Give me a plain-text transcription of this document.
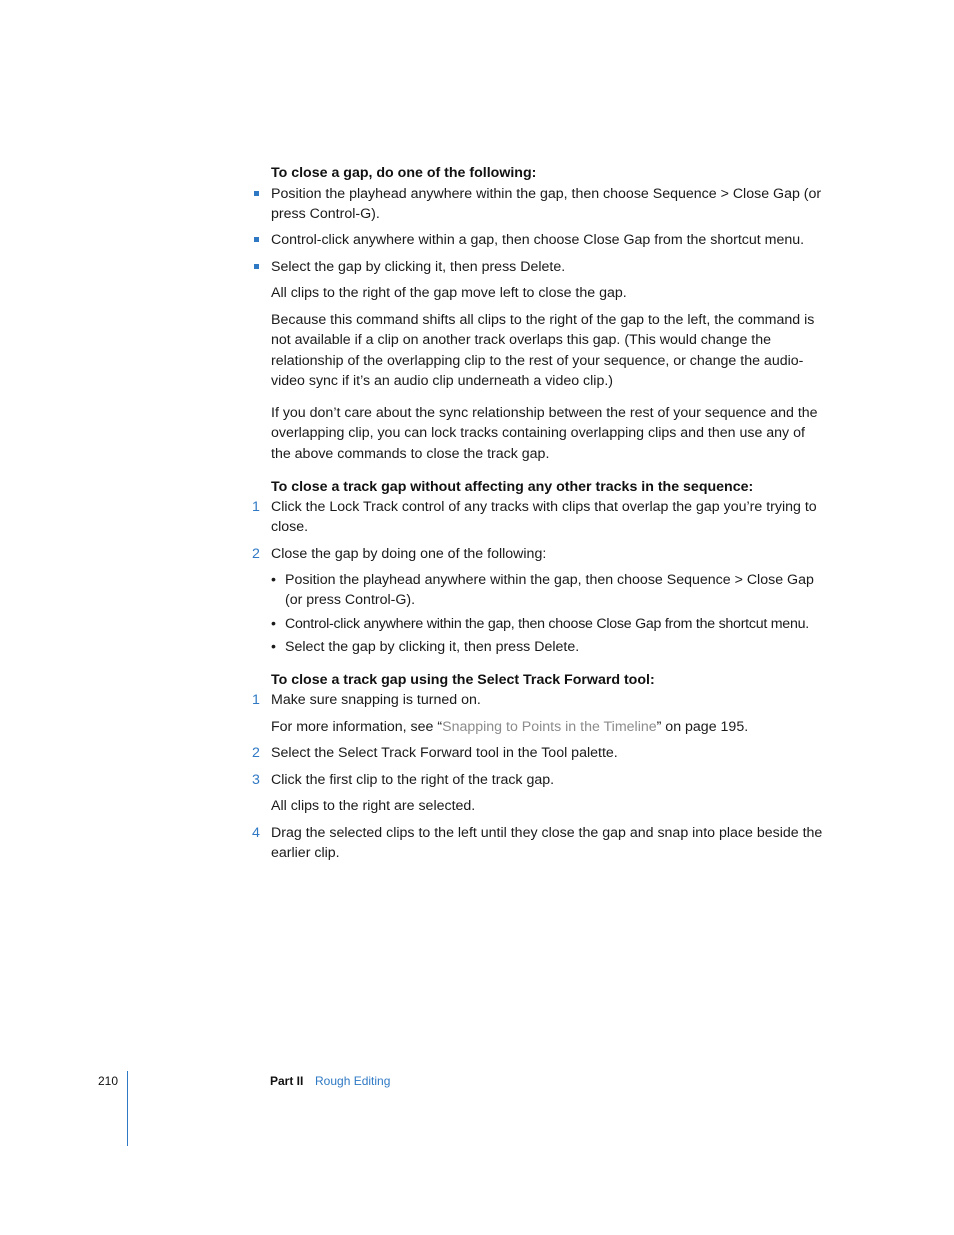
To close a gap, do one of the following:

Position the playhead anywhere within the gap, then choose Sequence > Close Gap (or press Control-G).

Control-click anywhere within a gap, then choose Close Gap from the shortcut menu.

Select the gap by clicking it, then press Delete.

All clips to the right of the gap move left to close the gap.

Because this command shifts all clips to the right of the gap to the left, the command is not available if a clip on another track overlaps this gap. (This would change the relationship of the overlapping clip to the rest of your sequence, or change the audio-video sync if it’s an audio clip underneath a video clip.)

If you don’t care about the sync relationship between the rest of your sequence and the overlapping clip, you can lock tracks containing overlapping clips and then use any of the above commands to close the track gap.

To close a track gap without affecting any other tracks in the sequence:

1 Click the Lock Track control of any tracks with clips that overlap the gap you’re trying to close.

2 Close the gap by doing one of the following:

• Position the playhead anywhere within the gap, then choose Sequence > Close Gap (or press Control-G).

• Control-click anywhere within the gap, then choose Close Gap from the shortcut menu.

• Select the gap by clicking it, then press Delete.

To close a track gap using the Select Track Forward tool:

1 Make sure snapping is turned on.

For more information, see “Snapping to Points in the Timeline” on page 195.

2 Select the Select Track Forward tool in the Tool palette.

3 Click the first clip to the right of the track gap.

All clips to the right are selected.

4 Drag the selected clips to the left until they close the gap and snap into place beside the earlier clip.

210	Part II Rough Editing
